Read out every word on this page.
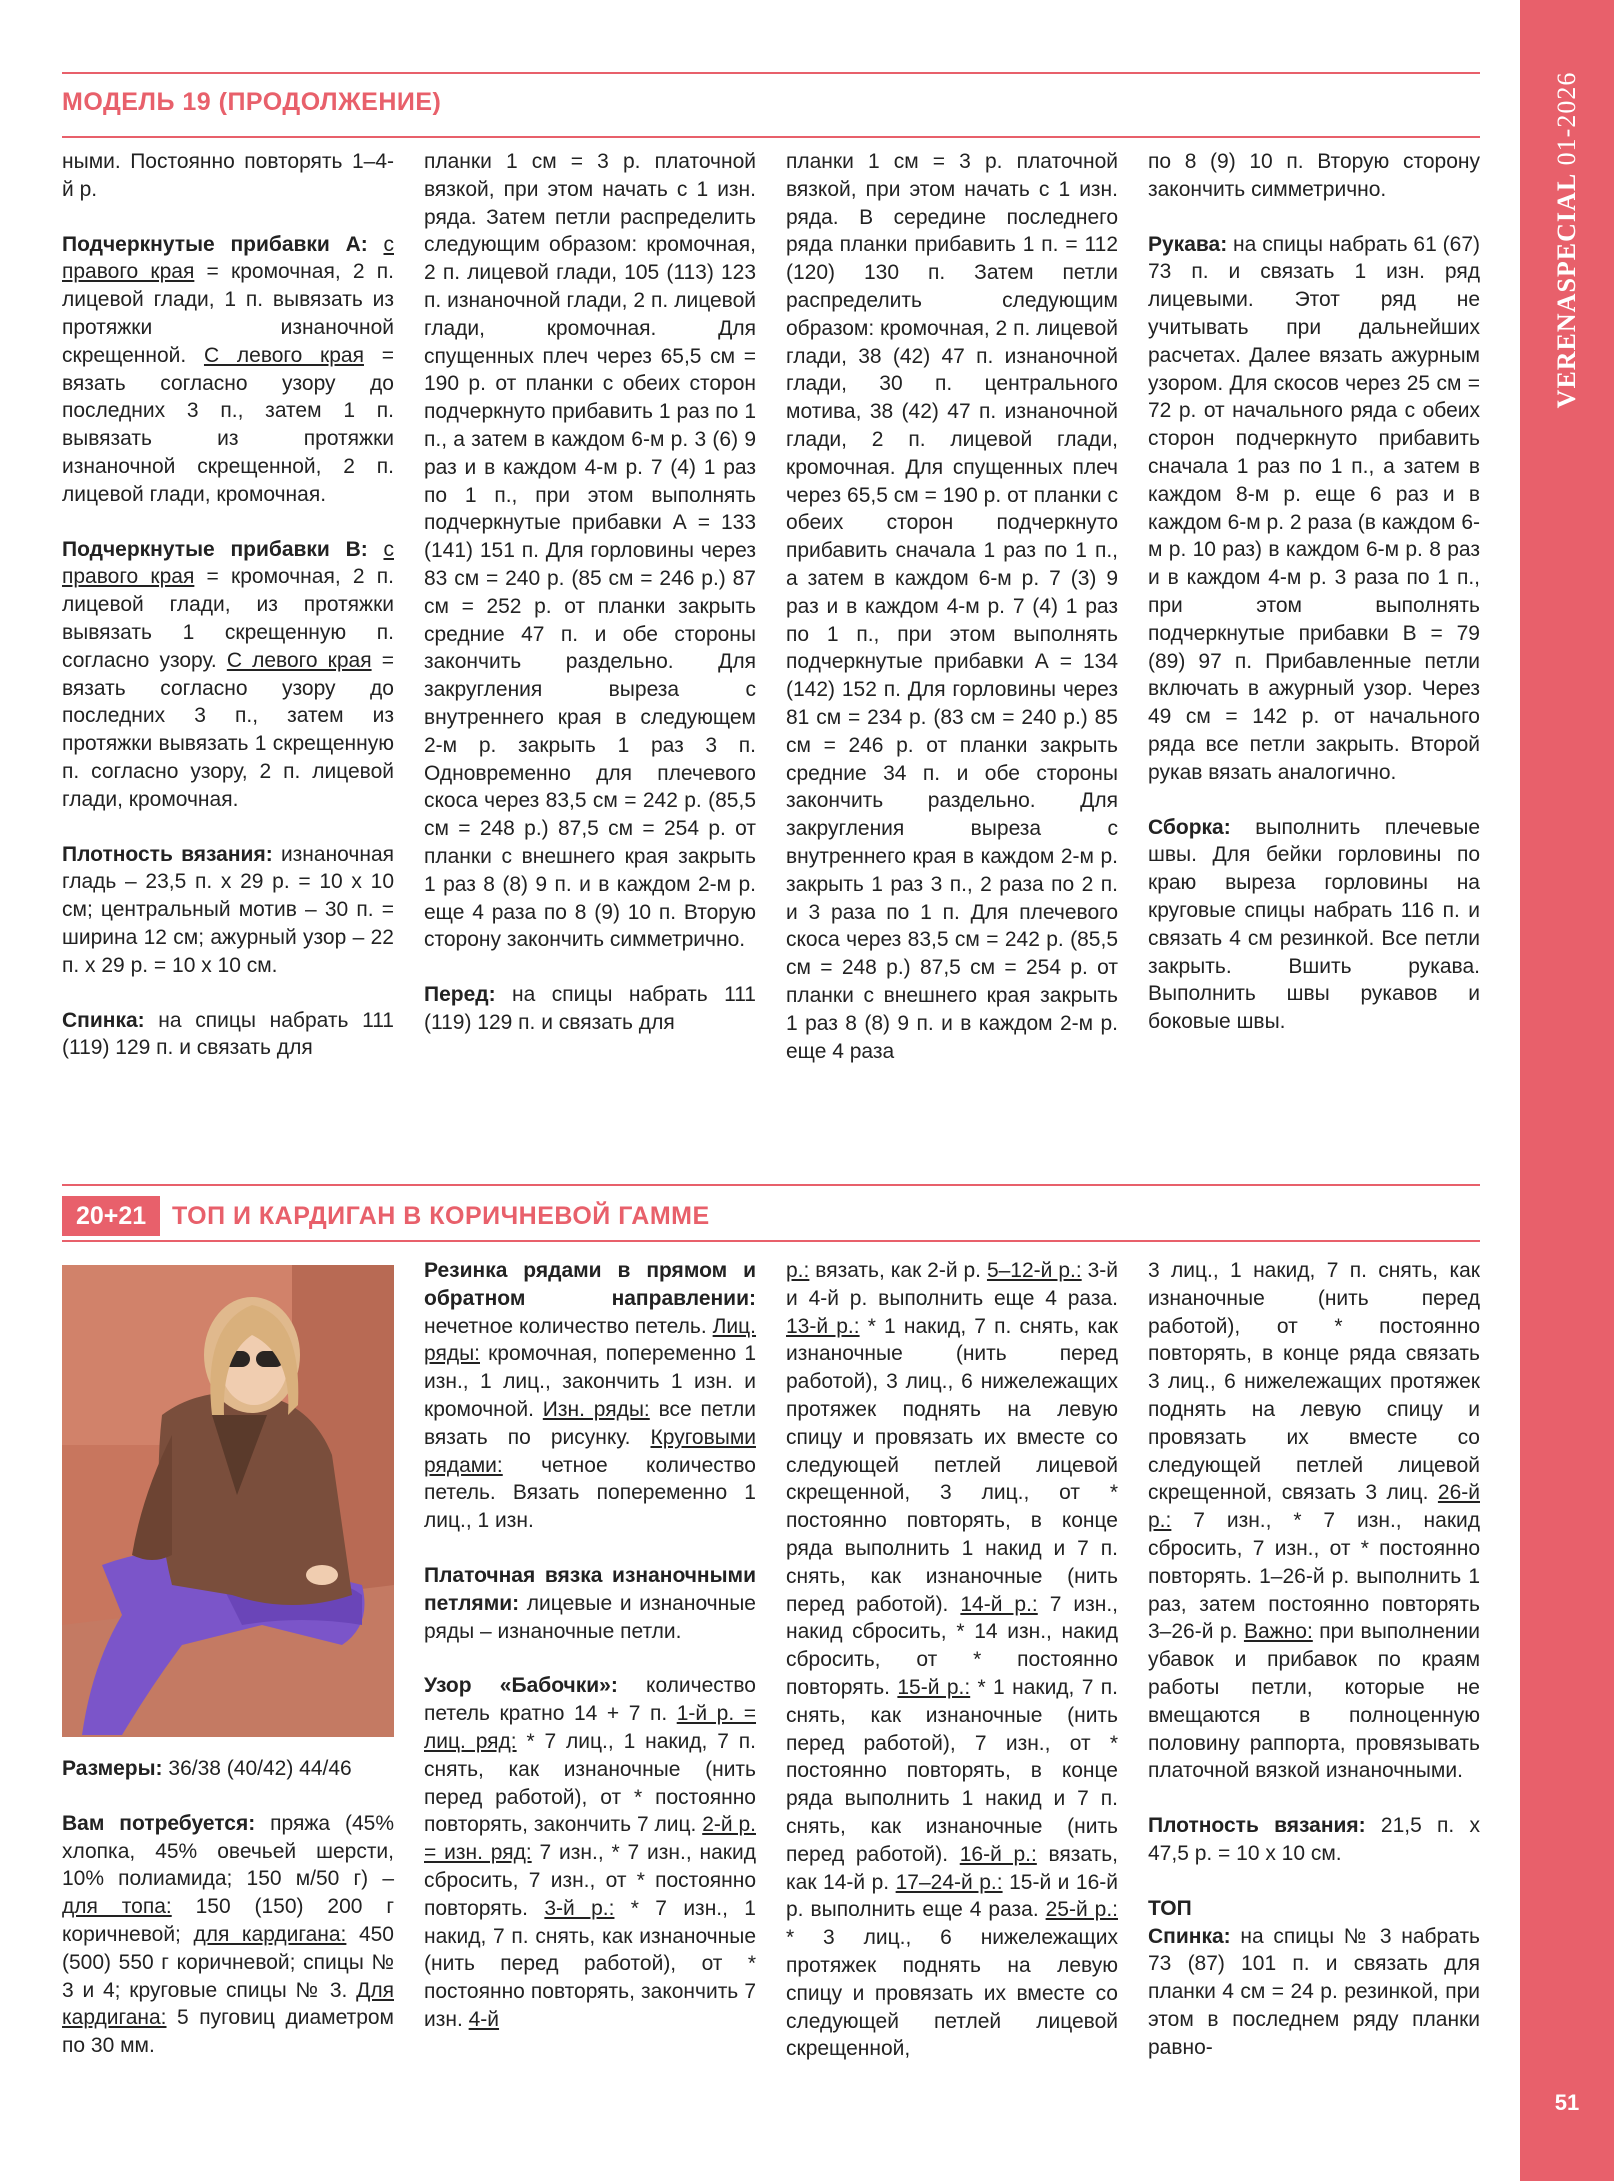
VERENASPECIAL 01-2026
51
МОДЕЛЬ 19 (ПРОДОЛЖЕНИЕ)

ными. Постоянно повторять 1–4-й р.

Подчеркнутые прибавки А: с правого края = кромочная, 2 п. лицевой глади, 1 п. вывязать из протяжки изнаночной скрещенной. С левого края = вязать согласно узору до последних 3 п., затем 1 п. вывязать из протяжки изнаночной скрещенной, 2 п. лицевой глади, кромочная.

Подчеркнутые прибавки В: с правого края = кромочная, 2 п. лицевой глади, из протяжки вывязать 1 скрещенную п. согласно узору. С левого края = вязать согласно узору до последних 3 п., затем из протяжки вывязать 1 скрещенную п. согласно узору, 2 п. лицевой глади, кромочная.

Плотность вязания: изнаночная гладь – 23,5 п. x 29 р. = 10 x 10 см; центральный мотив – 30 п. = ширина 12 см; ажурный узор – 22 п. x 29 р. = 10 x 10 см.

Спинка: на спицы набрать 111 (119) 129 п. и связать для

планки 1 см = 3 р. платочной вязкой, при этом начать с 1 изн. ряда. Затем петли распределить следующим образом: кромочная, 2 п. лицевой глади, 105 (113) 123 п. изнаночной глади, 2 п. лицевой глади, кромочная. Для спущенных плеч через 65,5 см = 190 р. от планки с обеих сторон подчеркнуто прибавить 1 раз по 1 п., а затем в каждом 6-м р. 3 (6) 9 раз и в каждом 4-м р. 7 (4) 1 раз по 1 п., при этом выполнять подчеркнутые прибавки А = 133 (141) 151 п. Для горловины через 83 см = 240 р. (85 см = 246 р.) 87 см = 252 р. от планки закрыть средние 47 п. и обе стороны закончить раздельно. Для закругления выреза с внутреннего края в следующем 2-м р. закрыть 1 раз 3 п. Одновременно для плечевого скоса через 83,5 см = 242 р. (85,5 см = 248 р.) 87,5 см = 254 р. от планки с внешнего края закрыть 1 раз 8 (8) 9 п. и в каждом 2-м р. еще 4 раза по 8 (9) 10 п. Вторую сторону закончить симметрично.

Перед: на спицы набрать 111 (119) 129 п. и связать для

планки 1 см = 3 р. платочной вязкой, при этом начать с 1 изн. ряда. В середине последнего ряда планки прибавить 1 п. = 112 (120) 130 п. Затем петли распределить следующим образом: кромочная, 2 п. лицевой глади, 38 (42) 47 п. изнаночной глади, 30 п. центрального мотива, 38 (42) 47 п. изнаночной глади, 2 п. лицевой глади, кромочная. Для спущенных плеч через 65,5 см = 190 р. от планки с обеих сторон подчеркнуто прибавить сначала 1 раз по 1 п., а затем в каждом 6-м р. 7 (3) 9 раз и в каждом 4-м р. 7 (4) 1 раз по 1 п., при этом выполнять подчеркнутые прибавки А = 134 (142) 152 п. Для горловины через 81 см = 234 р. (83 см = 240 р.) 85 см = 246 р. от планки закрыть средние 34 п. и обе стороны закончить раздельно. Для закругления выреза с внутреннего края в каждом 2-м р. закрыть 1 раз 3 п., 2 раза по 2 п. и 3 раза по 1 п. Для плечевого скоса через 83,5 см = 242 р. (85,5 см = 248 р.) 87,5 см = 254 р. от планки с внешнего края закрыть 1 раз 8 (8) 9 п. и в каждом 2-м р. еще 4 раза

по 8 (9) 10 п. Вторую сторону закончить симметрично.

Рукава: на спицы набрать 61 (67) 73 п. и связать 1 изн. ряд лицевыми. Этот ряд не учитывать при дальнейших расчетах. Далее вязать ажурным узором. Для скосов через 25 см = 72 р. от начального ряда с обеих сторон подчеркнуто прибавить сначала 1 раз по 1 п., а затем в каждом 8-м р. еще 6 раз и в каждом 6-м р. 2 раза (в каждом 6-м р. 10 раз) в каждом 6-м р. 8 раз и в каждом 4-м р. 3 раза по 1 п., при этом выполнять подчеркнутые прибавки В = 79 (89) 97 п. Прибавленные петли включать в ажурный узор. Через 49 см = 142 р. от начального ряда все петли закрыть. Второй рукав вязать аналогично.

Сборка: выполнить плечевые швы. Для бейки горловины по краю выреза горловины на круговые спицы набрать 116 п. и связать 4 см резинкой. Все петли закрыть. Вшить рукава. Выполнить швы рукавов и боковые швы.

20+21	ТОП И КАРДИГАН В КОРИЧНЕВОЙ ГАММЕ

Размеры: 36/38 (40/42) 44/46

Вам потребуется: пряжа (45% хлопка, 45% овечьей шерсти, 10% полиамида; 150 м/50 г) – для топа: 150 (150) 200 г коричневой; для кардигана: 450 (500) 550 г коричневой; спицы № 3 и 4; круговые спицы № 3. Для кардигана: 5 пуговиц диаметром по 30 мм.

Резинка рядами в прямом и обратном направлении: нечетное количество петель. Лиц. ряды: кромочная, попеременно 1 изн., 1 лиц., закончить 1 изн. и кромочной. Изн. ряды: все петли вязать по рисунку. Круговыми рядами: четное количество петель. Вязать попеременно 1 лиц., 1 изн.

Платочная вязка изнаночными петлями: лицевые и изнаночные ряды – изнаночные петли.

Узор «Бабочки»: количество петель кратно 14 + 7 п. 1-й р. = лиц. ряд: * 7 лиц., 1 накид, 7 п. снять, как изнаночные (нить перед работой), от * постоянно повторять, закончить 7 лиц. 2-й р. = изн. ряд: 7 изн., * 7 изн., накид сбросить, 7 изн., от * постоянно повторять. 3-й р.: * 7 изн., 1 накид, 7 п. снять, как изнаночные (нить перед работой), от * постоянно повторять, закончить 7 изн. 4-й

р.: вязать, как 2-й р. 5–12-й р.: 3-й и 4-й р. выполнить еще 4 раза. 13-й р.: * 1 накид, 7 п. снять, как изнаночные (нить перед работой), 3 лиц., 6 нижележащих протяжек поднять на левую спицу и провязать их вместе со следующей петлей лицевой скрещенной, 3 лиц., от * постоянно повторять, в конце ряда выполнить 1 накид и 7 п. снять, как изнаночные (нить перед работой). 14-й р.: 7 изн., накид сбросить, * 14 изн., накид сбросить, от * постоянно повторять. 15-й р.: * 1 накид, 7 п. снять, как изнаночные (нить перед работой), 7 изн., от * постоянно повторять, в конце ряда выполнить 1 накид и 7 п. снять, как изнаночные (нить перед работой). 16-й р.: вязать, как 14-й р. 17–24-й р.: 15-й и 16-й р. выполнить еще 4 раза. 25-й р.: * 3 лиц., 6 нижележащих протяжек поднять на левую спицу и провязать их вместе со следующей петлей лицевой скрещенной,

3 лиц., 1 накид, 7 п. снять, как изнаночные (нить перед работой), от * постоянно повторять, в конце ряда связать 3 лиц., 6 нижележащих протяжек поднять на левую спицу и провязать их вместе со следующей петлей лицевой скрещенной, связать 3 лиц. 26-й р.: 7 изн., * 7 изн., накид сбросить, 7 изн., от * постоянно повторять. 1–26-й р. выполнить 1 раз, затем постоянно повторять 3–26-й р. Важно: при выполнении убавок и прибавок по краям работы петли, которые не вмещаются в полноценную половину раппорта, провязывать платочной вязкой изнаночными.

Плотность вязания: 21,5 п. x 47,5 р. = 10 x 10 см.

ТОП
Спинка: на спицы № 3 набрать 73 (87) 101 п. и связать для планки 4 см = 24 р. резинкой, при этом в последнем ряду планки равно-
